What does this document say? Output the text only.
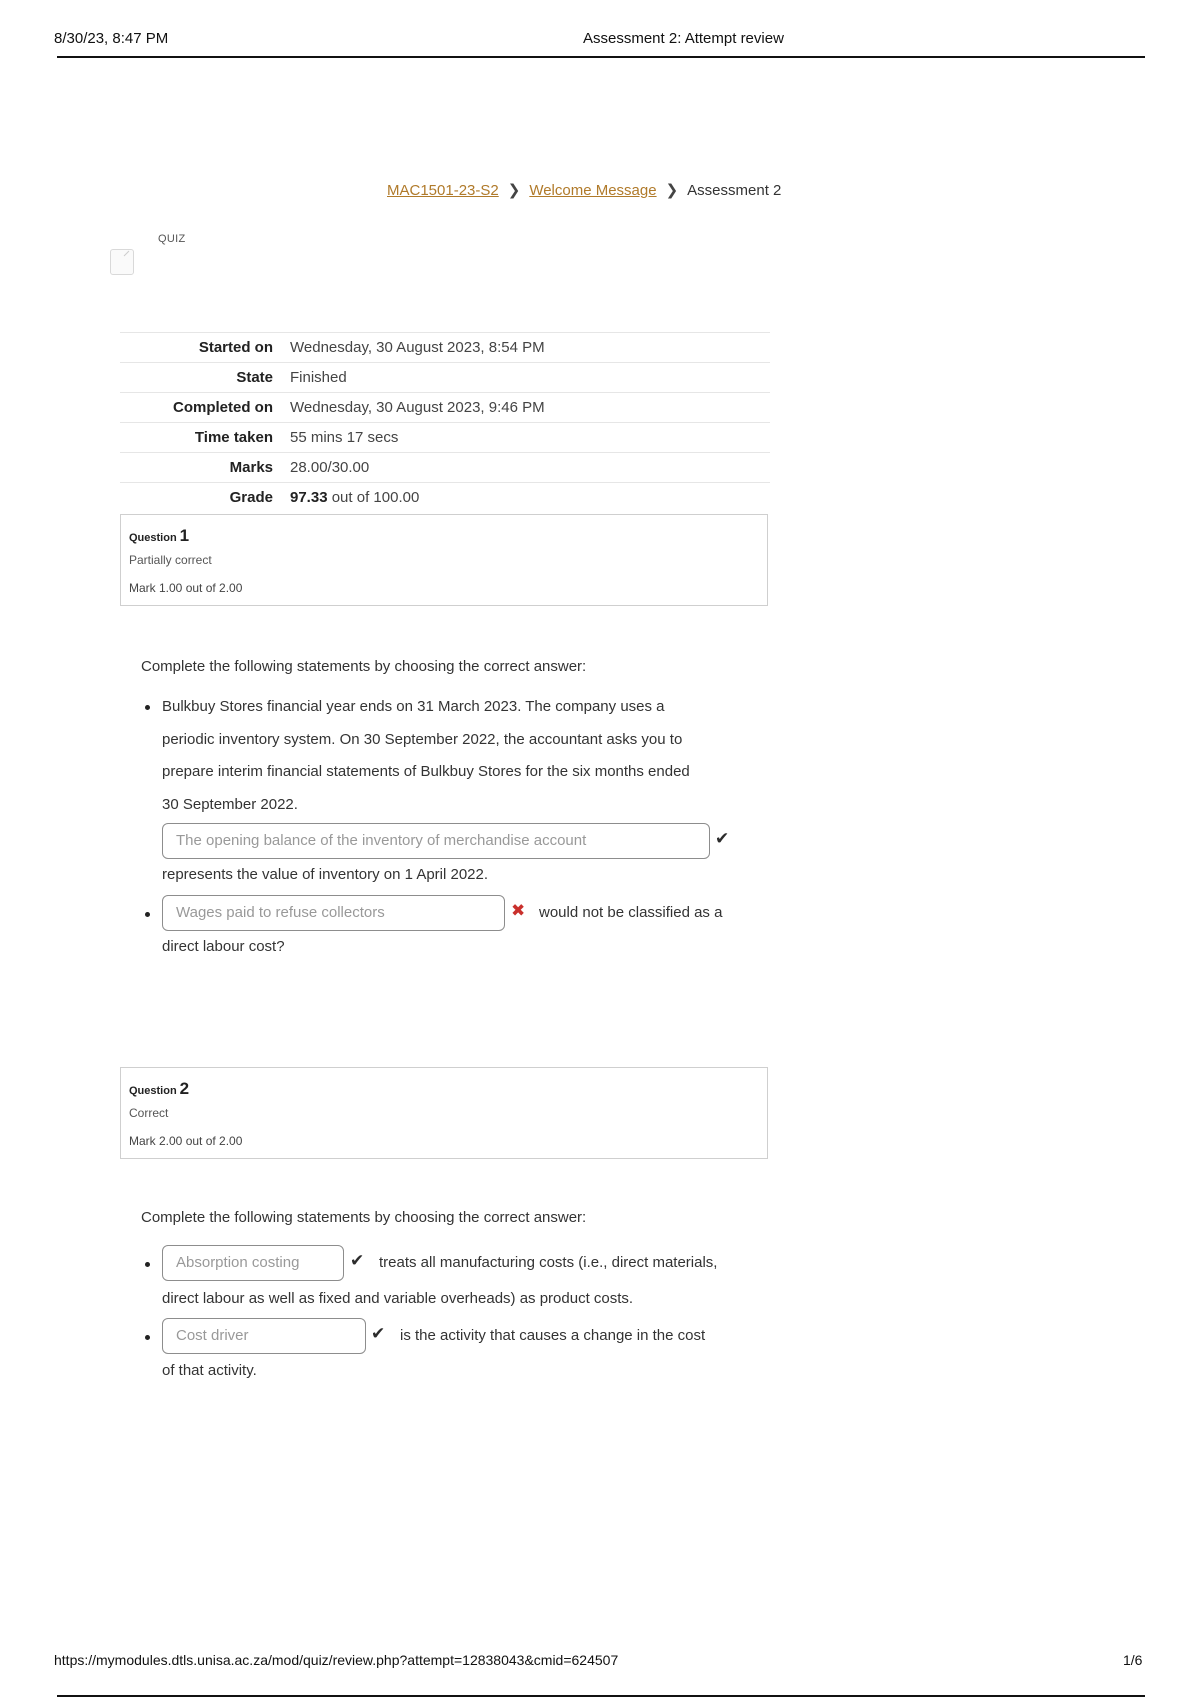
8/30/23, 8:47 PM	Assessment 2: Attempt review
MAC1501-23-S2 ❯ Welcome Message ❯ Assessment 2
QUIZ
Started on	Wednesday, 30 August 2023, 8:54 PM
State	Finished
Completed on	Wednesday, 30 August 2023, 9:46 PM
Time taken	55 mins 17 secs
Marks	28.00/30.00
Grade	97.33 out of 100.00
Question 1
Partially correct
Mark 1.00 out of 2.00
Complete the following statements by choosing the correct answer:
Bulkbuy Stores financial year ends on 31 March 2023. The company uses a
periodic inventory system. On 30 September 2022, the accountant asks you to
prepare interim financial statements of Bulkbuy Stores for the six months ended
30 September 2022.
The opening balance of the inventory of merchandise account	✔
represents the value of inventory on 1 April 2022.
Wages paid to refuse collectors	✖ would not be classified as a
direct labour cost?
Question 2
Correct
Mark 2.00 out of 2.00
Complete the following statements by choosing the correct answer:
Absorption costing	✔ treats all manufacturing costs (i.e., direct materials,
direct labour as well as fixed and variable overheads) as product costs.
Cost driver	✔ is the activity that causes a change in the cost
of that activity.
https://mymodules.dtls.unisa.ac.za/mod/quiz/review.php?attempt=12838043&cmid=624507	1/6
